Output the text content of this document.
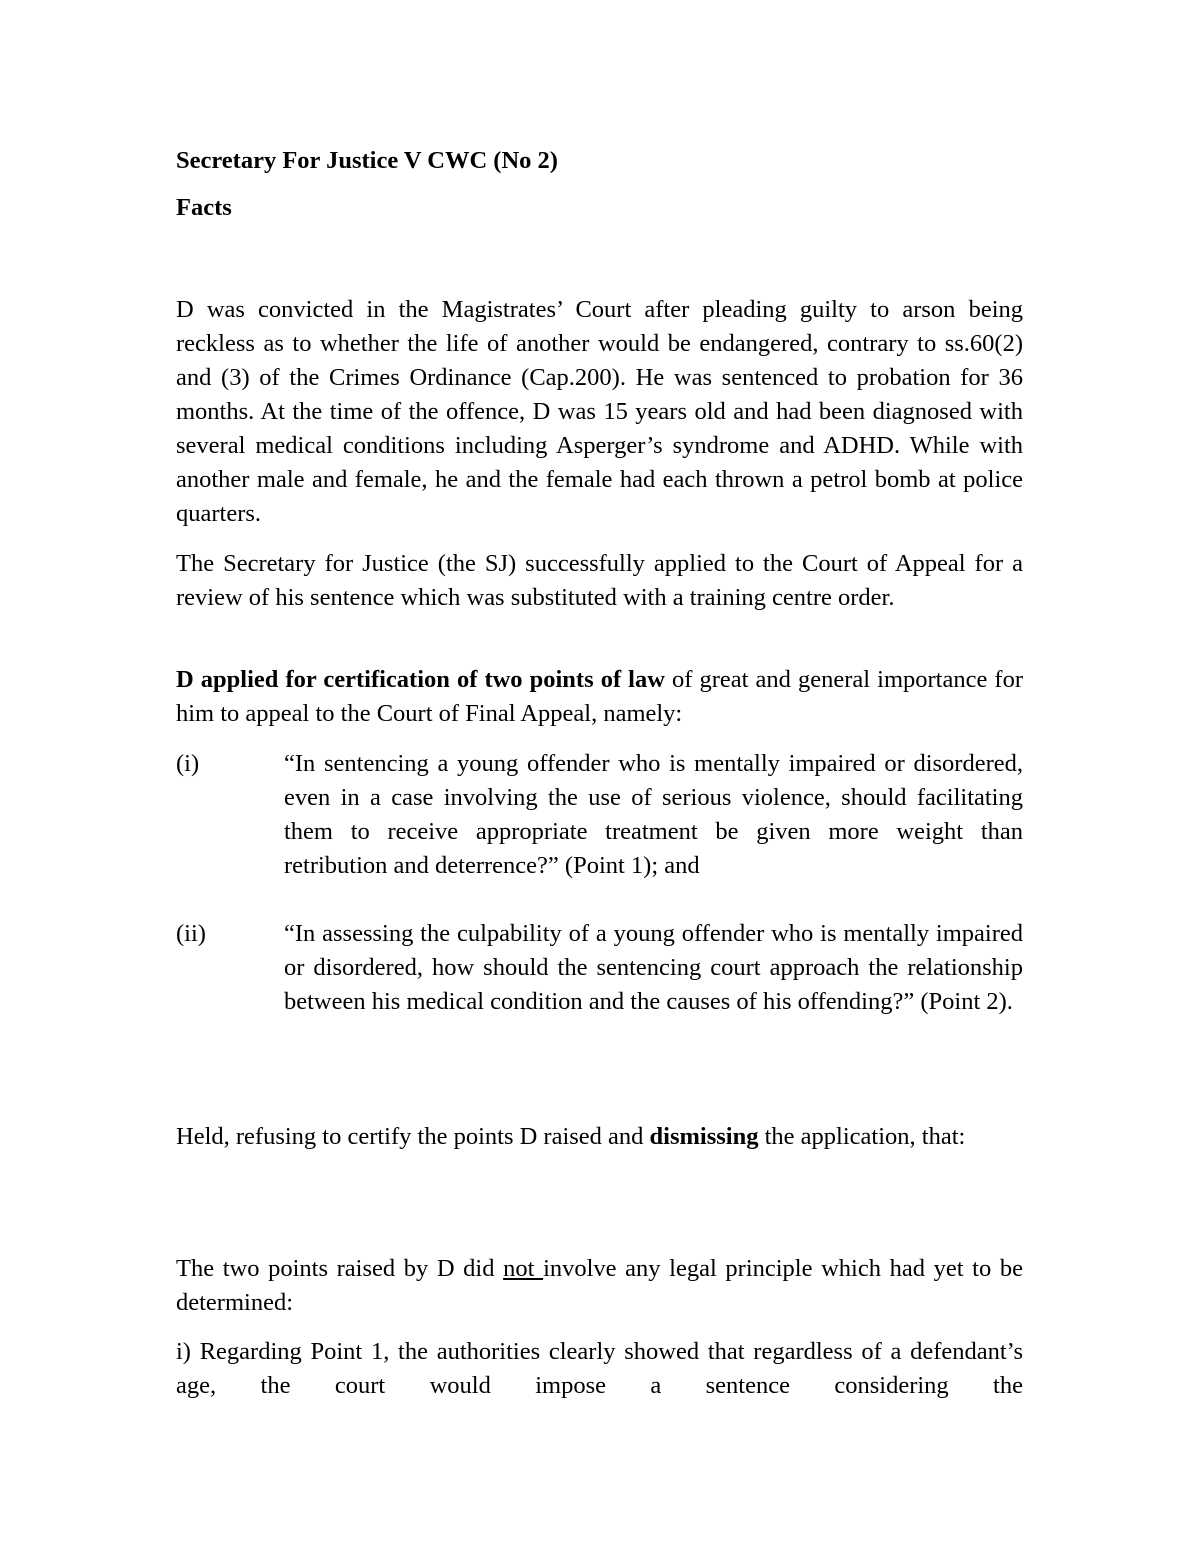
Secretary For Justice V CWC (No 2)

Facts

D was convicted in the Magistrates’ Court after pleading guilty to arson being reckless as to whether the life of another would be endangered, contrary to ss.60(2) and (3) of the Crimes Ordinance (Cap.200). He was sentenced to probation for 36 months. At the time of the offence, D was 15 years old and had been diagnosed with several medical conditions including Asperger’s syndrome and ADHD. While with another male and female, he and the female had each thrown a petrol bomb at police quarters.

The Secretary for Justice (the SJ) successfully applied to the Court of Appeal for a review of his sentence which was substituted with a training centre order.

D applied for certification of two points of law of great and general importance for him to appeal to the Court of Final Appeal, namely:

(i)	“In sentencing a young offender who is mentally impaired or disordered, even in a case involving the use of serious violence, should facilitating them to receive appropriate treatment be given more weight than retribution and deterrence?” (Point 1); and

(ii)	“In assessing the culpability of a young offender who is mentally impaired or disordered, how should the sentencing court approach the relationship between his medical condition and the causes of his offending?” (Point 2).

Held, refusing to certify the points D raised and dismissing the application, that:

The two points raised by D did not involve any legal principle which had yet to be determined:

i) Regarding Point 1, the authorities clearly showed that regardless of a defendant’s age, the court would impose a sentence considering the
